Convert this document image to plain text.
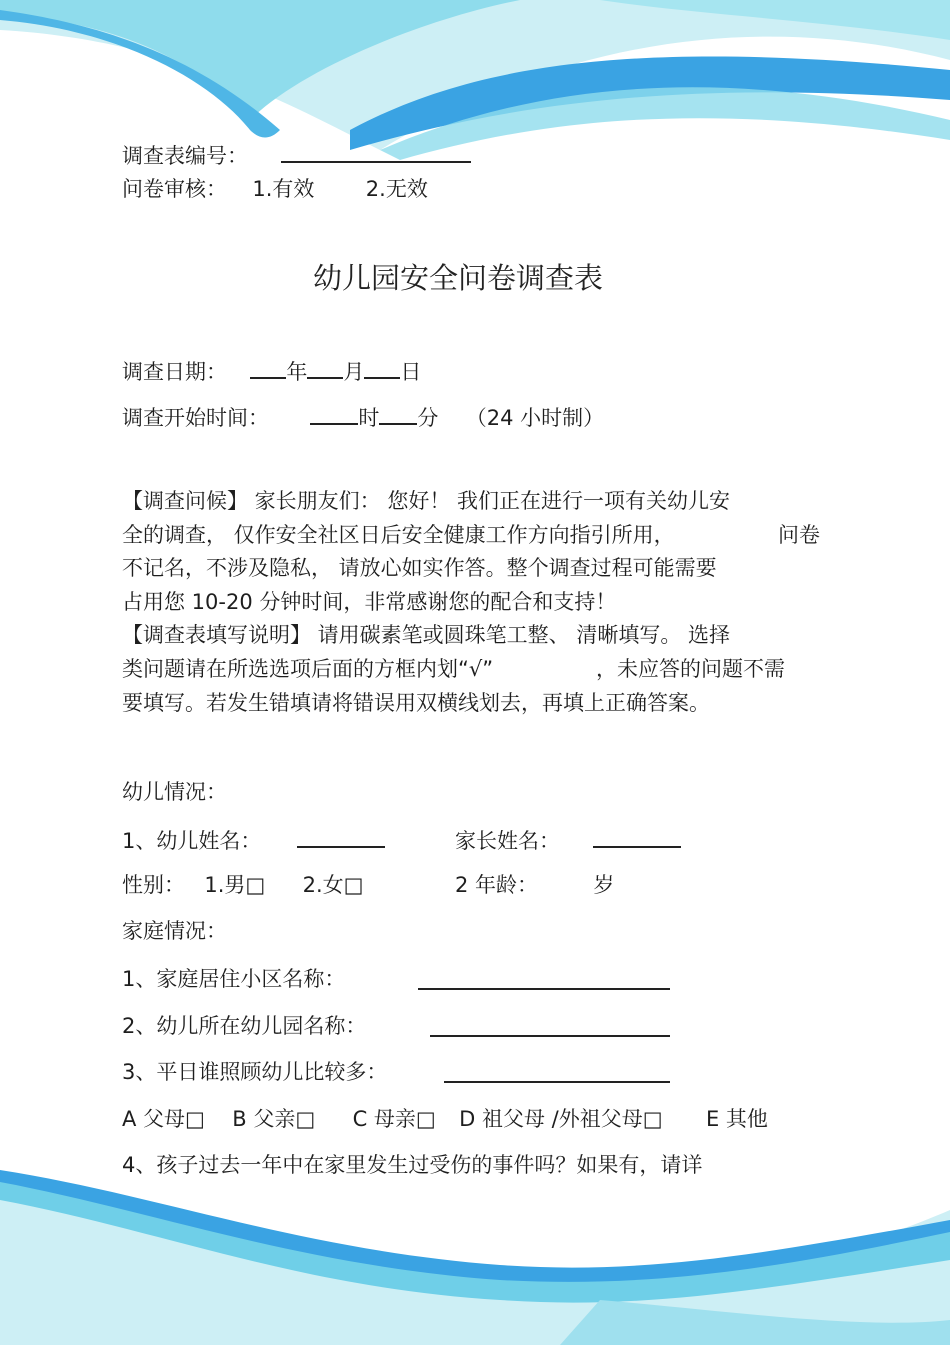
调查表编号：
问卷审核： 1.有效 2.无效
幼儿园安全问卷调查表
调查日期：	年 月 日
调查开始时间：	时 分 （24 小时制）

【调查问候】 家长朋友们： 您好！ 我们正在进行一项有关幼儿安

全的调查， 仅作安全社区日后安全健康工作方向指引所用，	问卷

不记名，不涉及隐私， 请放心如实作答。整个调查过程可能需要

占用您 10-20 分钟时间，非常感谢您的配合和支持！

【调查表填写说明】 请用碳素笔或圆珠笔工整、 清晰填写。 选择

类问题请在所选选项后面的方框内划“√”	，未应答的问题不需

要填写。若发生错填请将错误用双横线划去，再填上正确答案。

幼儿情况：
1、幼儿姓名：	家长姓名：
性别： 1.男□ 2.女□	2 年龄：	岁
家庭情况：
1、家庭居住小区名称：
2、幼儿所在幼儿园名称：
3、平日谁照顾幼儿比较多：
A 父母□ B 父亲□ C 母亲□ D 祖父母 /外祖父母□ E 其他
4、孩子过去一年中在家里发生过受伤的事件吗？如果有，请详
